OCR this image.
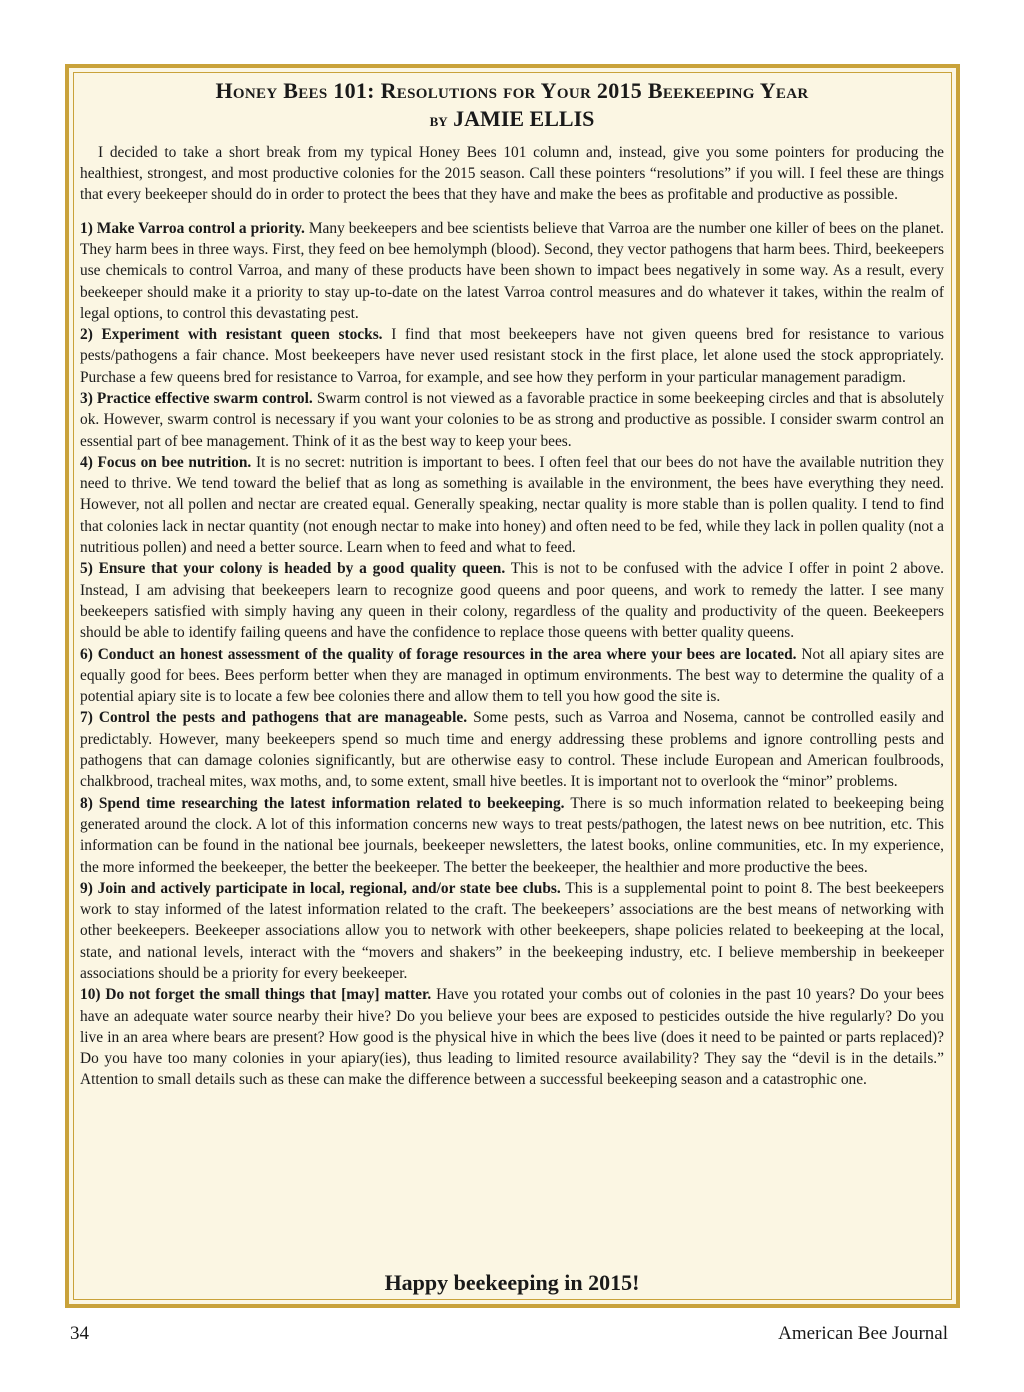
Honey Bees 101: Resolutions for Your 2015 Beekeeping Year

by JAMIE ELLIS

I decided to take a short break from my typical Honey Bees 101 column and, instead, give you some pointers for producing the healthiest, strongest, and most productive colonies for the 2015 season. Call these pointers “resolutions” if you will. I feel these are things that every beekeeper should do in order to protect the bees that they have and make the bees as profitable and productive as possible.

1) Make Varroa control a priority. Many beekeepers and bee scientists believe that Varroa are the number one killer of bees on the planet. They harm bees in three ways. First, they feed on bee hemolymph (blood). Second, they vector pathogens that harm bees. Third, beekeepers use chemicals to control Varroa, and many of these products have been shown to impact bees negatively in some way. As a result, every beekeeper should make it a priority to stay up-to-date on the latest Varroa control measures and do whatever it takes, within the realm of legal options, to control this devastating pest.

2) Experiment with resistant queen stocks. I find that most beekeepers have not given queens bred for resistance to various pests/pathogens a fair chance. Most beekeepers have never used resistant stock in the first place, let alone used the stock appropriately. Purchase a few queens bred for resistance to Varroa, for example, and see how they perform in your particular management paradigm.

3) Practice effective swarm control. Swarm control is not viewed as a favorable practice in some beekeeping circles and that is absolutely ok. However, swarm control is necessary if you want your colonies to be as strong and productive as possible. I consider swarm control an essential part of bee management. Think of it as the best way to keep your bees.

4) Focus on bee nutrition. It is no secret: nutrition is important to bees. I often feel that our bees do not have the available nutrition they need to thrive. We tend toward the belief that as long as something is available in the environment, the bees have everything they need. However, not all pollen and nectar are created equal. Generally speaking, nectar quality is more stable than is pollen quality. I tend to find that colonies lack in nectar quantity (not enough nectar to make into honey) and often need to be fed, while they lack in pollen quality (not a nutritious pollen) and need a better source. Learn when to feed and what to feed.

5) Ensure that your colony is headed by a good quality queen. This is not to be confused with the advice I offer in point 2 above. Instead, I am advising that beekeepers learn to recognize good queens and poor queens, and work to remedy the latter. I see many beekeepers satisfied with simply having any queen in their colony, regardless of the quality and productivity of the queen. Beekeepers should be able to identify failing queens and have the confidence to replace those queens with better quality queens.

6) Conduct an honest assessment of the quality of forage resources in the area where your bees are located. Not all apiary sites are equally good for bees. Bees perform better when they are managed in optimum environments. The best way to determine the quality of a potential apiary site is to locate a few bee colonies there and allow them to tell you how good the site is.

7) Control the pests and pathogens that are manageable. Some pests, such as Varroa and Nosema, cannot be controlled easily and predictably. However, many beekeepers spend so much time and energy addressing these problems and ignore controlling pests and pathogens that can damage colonies significantly, but are otherwise easy to control. These include European and American foulbroods, chalkbrood, tracheal mites, wax moths, and, to some extent, small hive beetles. It is important not to overlook the “minor” problems.

8) Spend time researching the latest information related to beekeeping. There is so much information related to beekeeping being generated around the clock. A lot of this information concerns new ways to treat pests/pathogen, the latest news on bee nutrition, etc. This information can be found in the national bee journals, beekeeper newsletters, the latest books, online communities, etc. In my experience, the more informed the beekeeper, the better the beekeeper. The better the beekeeper, the healthier and more productive the bees.

9) Join and actively participate in local, regional, and/or state bee clubs. This is a supplemental point to point 8. The best beekeepers work to stay informed of the latest information related to the craft. The beekeepers’ associations are the best means of networking with other beekeepers. Beekeeper associations allow you to network with other beekeepers, shape policies related to beekeeping at the local, state, and national levels, interact with the “movers and shakers” in the beekeeping industry, etc. I believe membership in beekeeper associations should be a priority for every beekeeper.

10) Do not forget the small things that [may] matter. Have you rotated your combs out of colonies in the past 10 years? Do your bees have an adequate water source nearby their hive? Do you believe your bees are exposed to pesticides outside the hive regularly? Do you live in an area where bears are present? How good is the physical hive in which the bees live (does it need to be painted or parts replaced)? Do you have too many colonies in your apiary(ies), thus leading to limited resource availability? They say the “devil is in the details.” Attention to small details such as these can make the difference between a successful beekeeping season and a catastrophic one.

Happy beekeeping in 2015!

34	American Bee Journal
